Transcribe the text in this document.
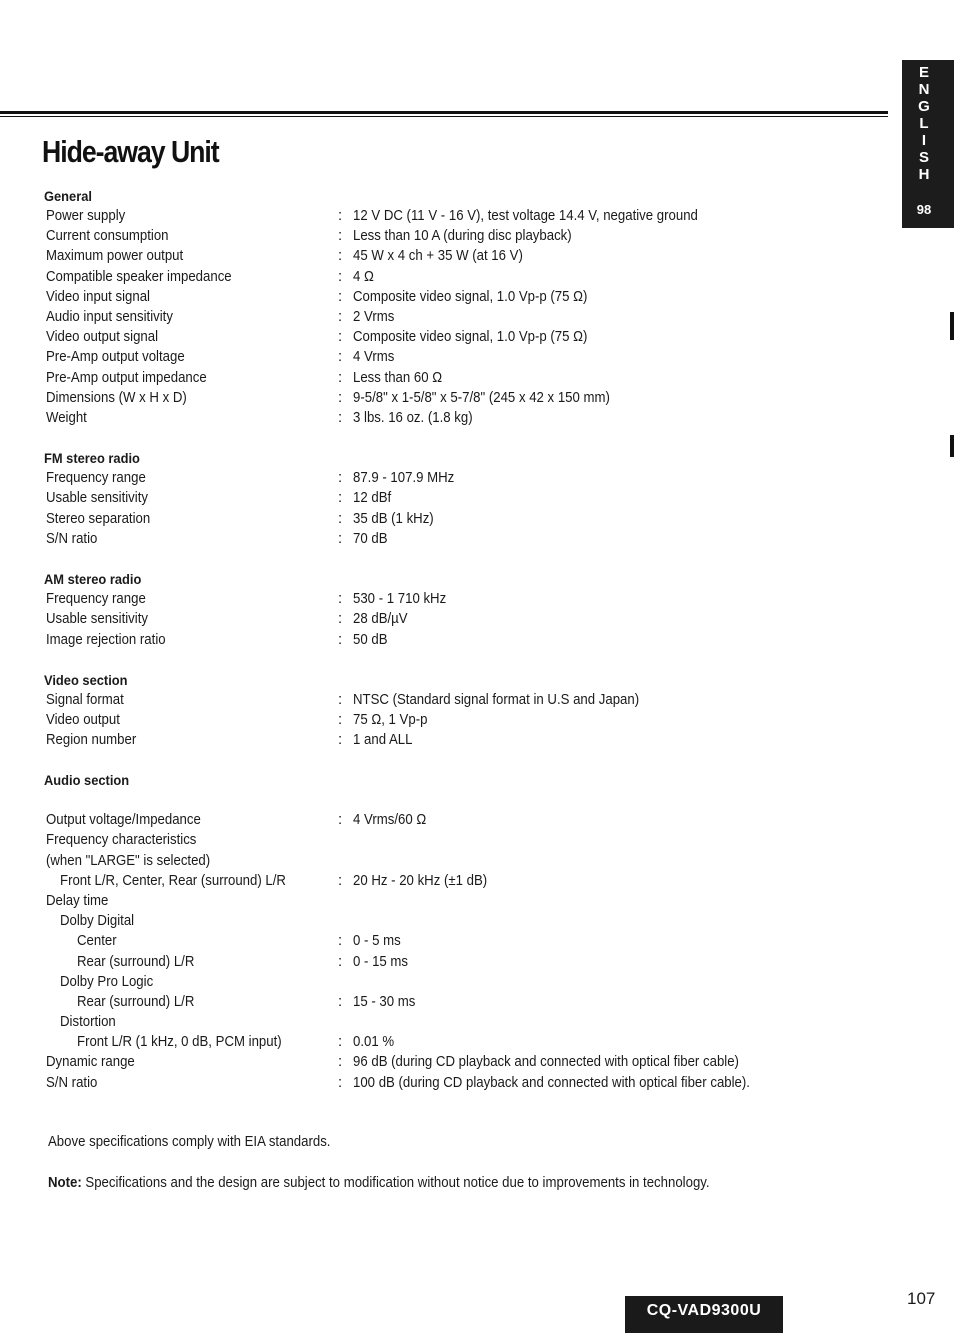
Hide-away Unit
E
N
G
L
I
S
H
98
General
Power supply	: 12 V DC (11 V - 16 V), test voltage 14.4 V, negative ground
Current consumption	: Less than 10 A (during disc playback)
Maximum power output	: 45 W x 4 ch + 35 W (at 16 V)
Compatible speaker impedance	: 4 Ω
Video input signal	: Composite video signal, 1.0 Vp-p (75 Ω)
Audio input sensitivity	: 2 Vrms
Video output signal	: Composite video signal, 1.0 Vp-p (75 Ω)
Pre-Amp output voltage	: 4 Vrms
Pre-Amp output impedance	: Less than 60 Ω
Dimensions (W x H x D)	: 9-5/8" x 1-5/8" x 5-7/8" (245 x 42 x 150 mm)
Weight	: 3 lbs. 16 oz. (1.8 kg)
FM stereo radio
Frequency range	: 87.9 - 107.9 MHz
Usable sensitivity	: 12 dBf
Stereo separation	: 35 dB (1 kHz)
S/N ratio	: 70 dB
AM stereo radio
Frequency range	: 530 - 1 710 kHz
Usable sensitivity	: 28 dB/µV
Image rejection ratio	: 50 dB
Video section
Signal format	: NTSC (Standard signal format in U.S and Japan)
Video output	: 75 Ω, 1 Vp-p
Region number	: 1 and ALL
Audio section
Output voltage/Impedance	: 4 Vrms/60 Ω
Frequency characteristics
(when "LARGE" is selected)
Front L/R, Center, Rear (surround) L/R	: 20 Hz - 20 kHz (±1 dB)
Delay time
Dolby Digital
Center	: 0 - 5 ms
Rear (surround) L/R	: 0 - 15 ms
Dolby Pro Logic
Rear (surround) L/R	: 15 - 30 ms
Distortion
Front L/R (1 kHz, 0 dB, PCM input)	: 0.01 %
Dynamic range	: 96 dB (during CD playback and connected with optical fiber cable)
S/N ratio	: 100 dB (during CD playback and connected with optical fiber cable).
Above specifications comply with EIA standards.
Note: Specifications and the design are subject to modification without notice due to improvements in technology.
CQ-VAD9300U
107
